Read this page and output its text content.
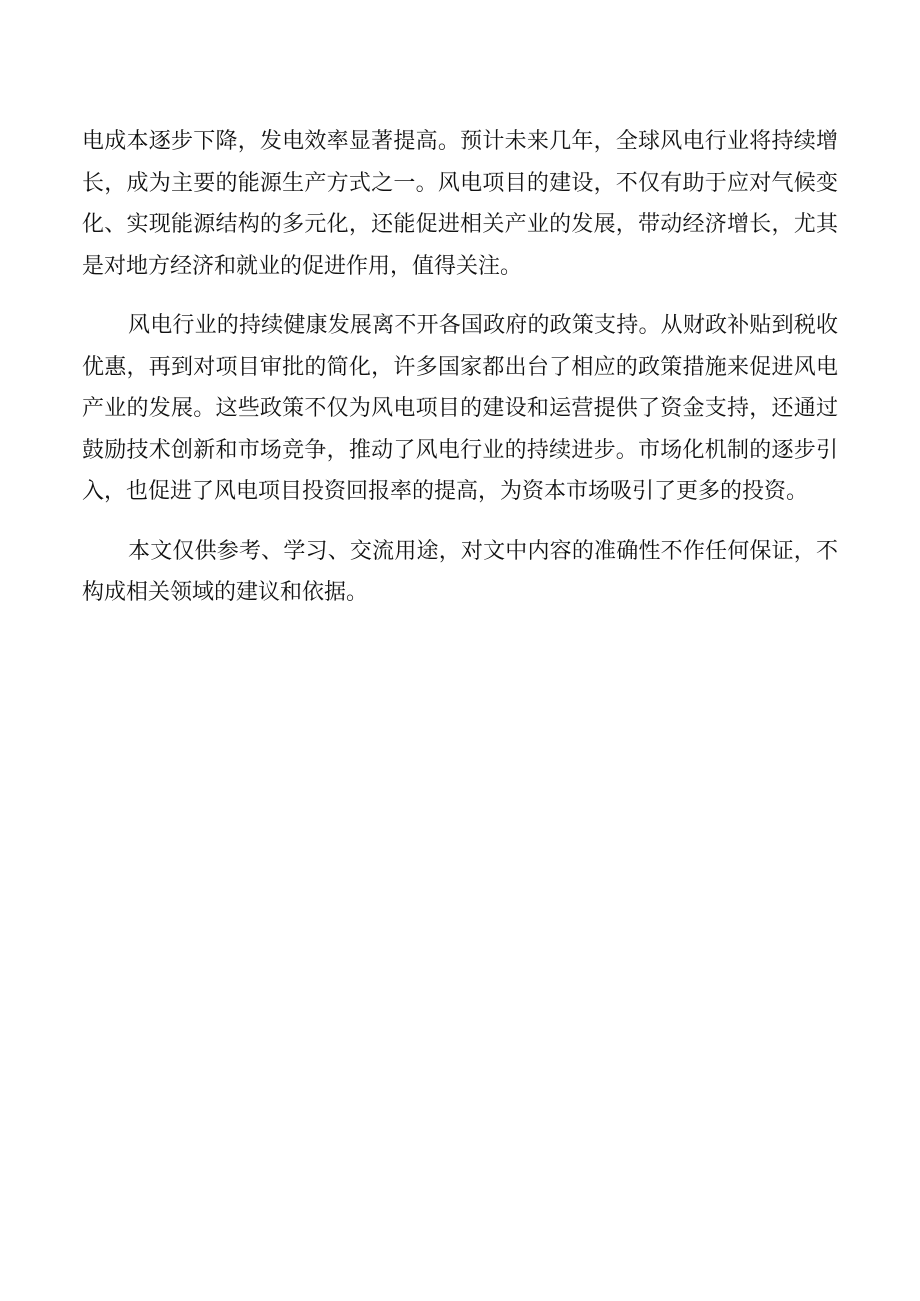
电成本逐步下降，发电效率显著提高。预计未来几年，全球风电行业将持续增长，成为主要的能源生产方式之一。风电项目的建设，不仅有助于应对气候变化、实现能源结构的多元化，还能促进相关产业的发展，带动经济增长，尤其是对地方经济和就业的促进作用，值得关注。

风电行业的持续健康发展离不开各国政府的政策支持。从财政补贴到税收优惠，再到对项目审批的简化，许多国家都出台了相应的政策措施来促进风电产业的发展。这些政策不仅为风电项目的建设和运营提供了资金支持，还通过鼓励技术创新和市场竞争，推动了风电行业的持续进步。市场化机制的逐步引入，也促进了风电项目投资回报率的提高，为资本市场吸引了更多的投资。

本文仅供参考、学习、交流用途，对文中内容的准确性不作任何保证，不构成相关领域的建议和依据。
